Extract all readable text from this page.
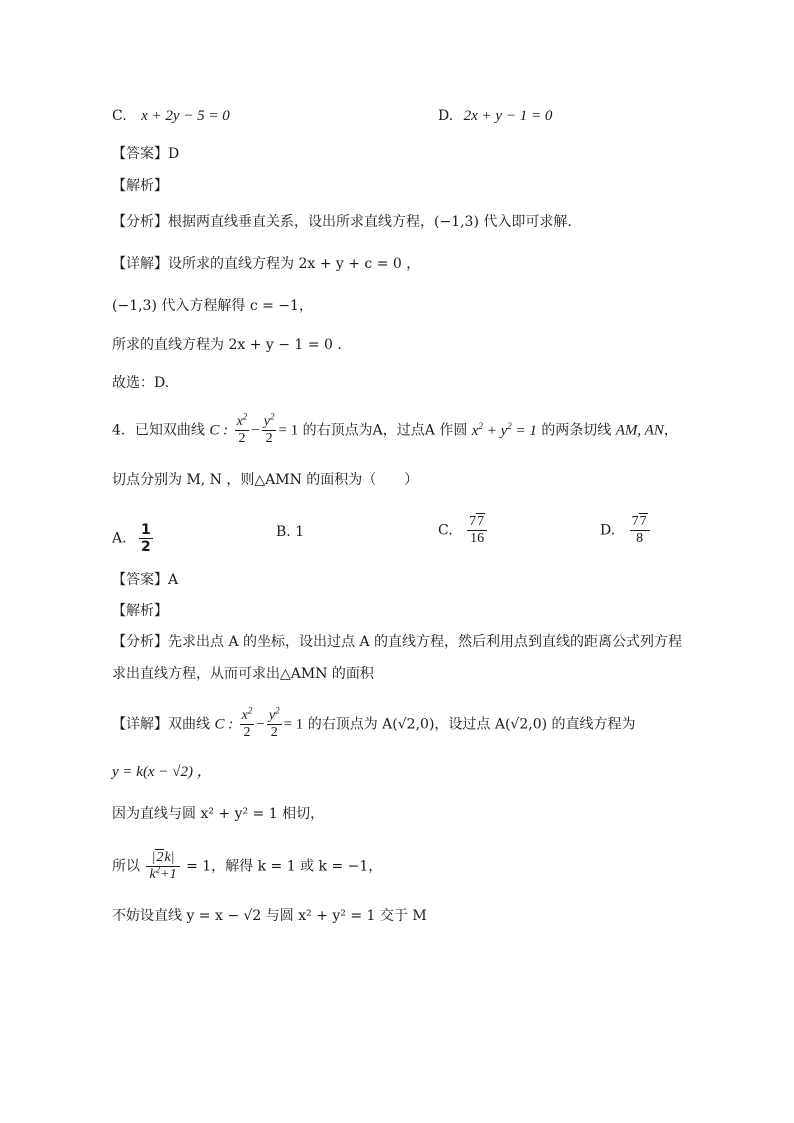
C. x + 2y − 5 = 0	D. 2x + y − 1 = 0
【答案】D
【解析】
【分析】根据两直线垂直关系，设出所求直线方程，(−1,3) 代入即可求解.
【详解】设所求的直线方程为 2x + y + c = 0 ，
(−1,3) 代入方程解得 c = −1，
所求的直线方程为 2x + y − 1 = 0 .
故选：D.
4．已知双曲线 C : $\frac{x^2}{2} - \frac{y^2}{2} = 1$ 的右顶点为A，过点A 作圆 $x^2 + y^2 = 1$ 的两条切线 AM, AN，
切点分别为 M, N ，则△AMN 的面积为（　　）
A. $\frac{1}{2}$	B. 1	C. $\frac{77}{16}$	D. $\frac{77}{8}$
【答案】A
【解析】
【分析】先求出点 A 的坐标，设出过点 A 的直线方程，然后利用点到直线的距离公式列方程
求出直线方程，从而可求出△AMN 的面积
【详解】双曲线 C : $\frac{x^2}{2} - \frac{y^2}{2} = 1$ 的右顶点为 A(√2,0)，设过点 A(√2,0) 的直线方程为
y = k(x − √2) ，
因为直线与圆 x² + y² = 1 相切，
所以 $\frac{|2k|}{k^2+1} = 1$，解得 k = 1 或 k = −1，
不妨设直线 y = x − √2 与圆 x² + y² = 1 交于 M
